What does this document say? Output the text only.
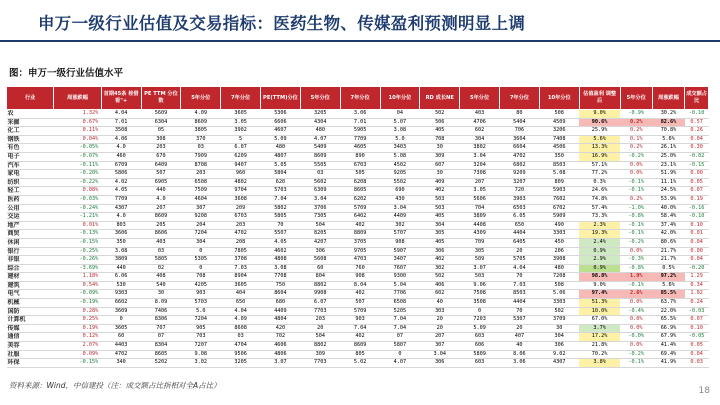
申万一级行业估值及交易指标：医药生物、传媒盈利预测明显上调
图：申万一级行业估值水平
行业	周涨跌幅	首期45条 栓借看"+	PE TTM 分位数	5年分位	7年分位	PE(TTM)分位	5年分位	7年分位	10年分位	RD 成长NE	5年分位	7年分位	10年分位	估值盈利 调整后	5年分位	周涨跌幅	成交额占比
农	1.32%	4.04	5609	4.09	3605	5306	3205	3.06	04	502	403	80	508	9.0%	-0.9%	30.2%	-0.10
采掘	0.67%	7.01	6304	8609	3.05	6606	4304	7.01	5.07	506	4706	5404	4509	90.6%	0.2%	82.6%	0.57
化工	0.11%	3508	05	3805	3902	4607	480	5905	3.08	405	602	706	3206	25.9%	0.2%	70.8%	0.26
钢铁	0.04%	4.06	308	370	5	5.09	4.07	7709	5.0	708	304	3604	7408	5.6%	0.1%	5.6%	0.04
有色	-0.05%	4.0	203	03	6.07	480	5409	4605	3403	30	3802	6604	4506	13.3%	0.2%	26.1%	0.30
电子	-0.07%	460	670	7909	6209	4807	8609	890	5.08	309	3.04	4702	350	16.9%	-0.2%	25.0%	-0.02
汽车	-0.11%	6709	6409	8708	9407	5.05	5505	6703	4502	607	3204	6802	8503	57.1%	0.0%	23.1%	-0.15
家电	-0.20%	5806	507	203	960	5804	03	505	9205	30	7308	9209	5.08	77.2%	0.0%	51.9%	0.00
纺织	-0.22%	4.02	6905	6508	4802	620	5602	6208	5502	409	207	3207	809	0.3%	-0.1%	11.1%	0.05
轻工	0.08%	4.05	440	7509	9704	5703	6309	8605	690	402	3.05	720	5903	24.6%	-0.1%	24.5%	0.07
医药	-0.03%	7709	4.0	4604	3608	7.04	3.04	6202	430	503	5606	3903	7602	74.8%	0.2%	53.9%	0.19
公用	-0.24%	4307	207	307	209	5802	3706	5709	3.04	503	704	6503	6702	57.4%	-1.0%	40.0%	-0.16
交运	-1.21%	4.0	8609	9208	6703	5805	7305	6402	4409	405	3809	6.05	5909	73.3%	-0.8%	58.4%	-0.10
地产	0.01%	803	205	204	203	70	504	402	302	304	4408	650	490	2.3%	-0.1%	37.4%	0.10
商贸	-0.13%	3606	8606	7204	4702	5507	8205	8809	5707	305	4309	4404	3303	19.3%	-0.1%	42.0%	0.01
休闲	-0.15%	350	403	304	208	4.05	4207	3705	908	405	709	6405	450	2.4%	-0.2%	80.6%	0.04
银行	-0.25%	3.08	03	0	7805	4602	306	9705	5907	306	305	20	206	0.9%	0.0%	21.7%	0.00
非银	-0.26%	3809	5805	5305	3708	4808	5608	4703	3407	402	509	5705	3908	2.9%	-0.3%	21.7%	0.04
综合	-3.69%	440	02	0	7.03	3.08	60	760	7607	302	3.07	4.04	480	0.9%	-0.8%	0.5%	-0.20
建材	1.18%	6.06	408	708	8904	7708	804	908	9300	502	503	70	7208	98.8%	1.9%	97.2%	1.29
建筑	0.54%	530	540	4205	3605	750	8802	8.04	5.04	406	9.06	7.03	508	9.0%	-0.1%	5.6%	0.34
电气	-0.09%	9303	30	903	404	8604	9908	402	7706	602	7508	8503	5.06	97.4%	2.6%	85.5%	1.02
机械	-0.19%	6602	8.09	5703	650	680	6.07	507	6508	40	3508	4404	3303	51.3%	0.0%	63.7%	0.24
国防	0.28%	3609	7406	5.0	4.04	4409	7703	5709	5205	303	0	70	502	10.0%	-0.4%	22.0%	-0.03
计算机	0.25%	0	8306	7204	4.09	4804	203	903	7.04	20	7203	5307	3709	67.0%	0.0%	65.5%	0.07
传媒	0.19%	3605	707	905	8608	420	20	7.04	7.04	20	5.09	20	30	3.7%	0.0%	66.9%	0.10
通信	0.12%	60	07	703	03	702	504	402	07	207	603	407	304	17.2%	-0.0%	67.9%	-0.05
美容	2.07%	4403	8304	7207	4704	4606	8802	8609	5807	307	606	40	306	21.8%	0.0%	41.4%	0.05
社服	0.09%	4702	8605	9.08	9506	4806	309	805	0	3.04	5809	8.06	9.02	70.2%	-0.2%	69.4%	0.04
环保	-0.15%	340	5202	3.02	3205	3.07	7703	5.02	4.07	306	603	3.06	4307	3.8%	-0.1%	41.9%	0.03
资料来源：Wind，中信建投（注：成交额占比指相对全A占比）
18
